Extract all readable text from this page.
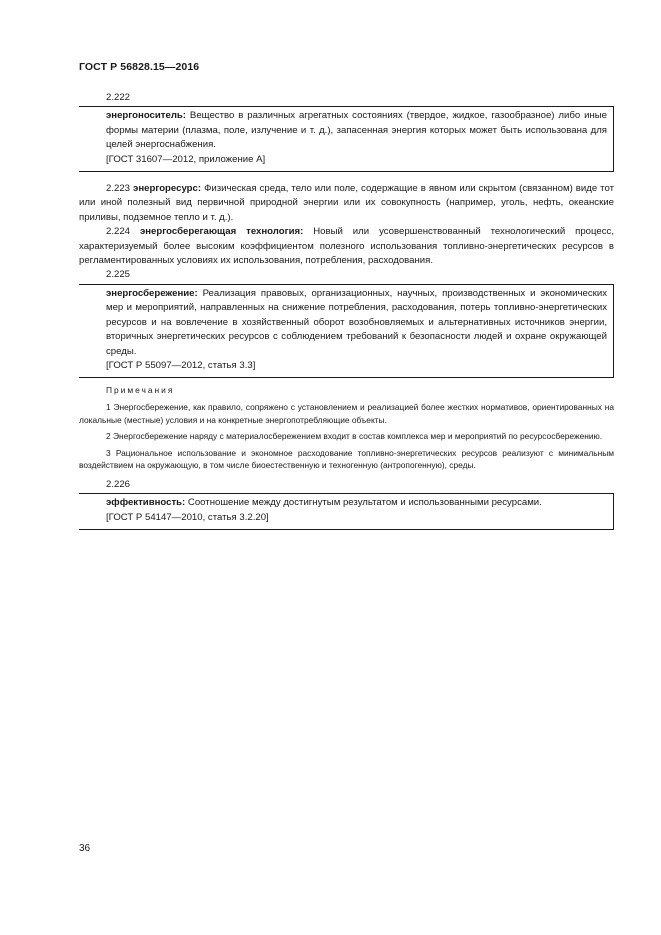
ГОСТ Р 56828.15—2016
2.222

энергоноситель: Вещество в различных агрегатных состояниях (твердое, жидкое, газообразное) либо иные формы материи (плазма, поле, излучение и т. д.), запасенная энергия которых может быть использована для целей энергоснабжения.

[ГОСТ 31607—2012, приложение А]

2.223 энергоресурс: Физическая среда, тело или поле, содержащие в явном или скрытом (связанном) виде тот или иной полезный вид первичной природной энергии или их совокупность (например, уголь, нефть, океанские приливы, подземное тепло и т. д.).

2.224 энергосберегающая технология: Новый или усовершенствованный технологический процесс, характеризуемый более высоким коэффициентом полезного использования топливно-энергетических ресурсов в регламентированных условиях их использования, потребления, расходования.

2.225

энергосбережение: Реализация правовых, организационных, научных, производственных и экономических мер и мероприятий, направленных на снижение потребления, расходования, потерь топливно-энергетических ресурсов и на вовлечение в хозяйственный оборот возобновляемых и альтернативных источников энергии, вторичных энергетических ресурсов с соблюдением требований к безопасности людей и охране окружающей среды.

[ГОСТ Р 55097—2012, статья 3.3]

Примечания

1 Энергосбережение, как правило, сопряжено с установлением и реализацией более жестких нормативов, ориентированных на локальные (местные) условия и на конкретные энергопотребляющие объекты.

2 Энергосбережение наряду с материалосбережением входит в состав комплекса мер и мероприятий по ресурсосбережению.

3 Рациональное использование и экономное расходование топливно-энергетических ресурсов реализуют с минимальным воздействием на окружающую, в том числе биоестественную и техногенную (антропогенную), среды.

2.226

эффективность: Соотношение между достигнутым результатом и использованными ресурсами.

[ГОСТ Р 54147—2010, статья 3.2.20]

36
